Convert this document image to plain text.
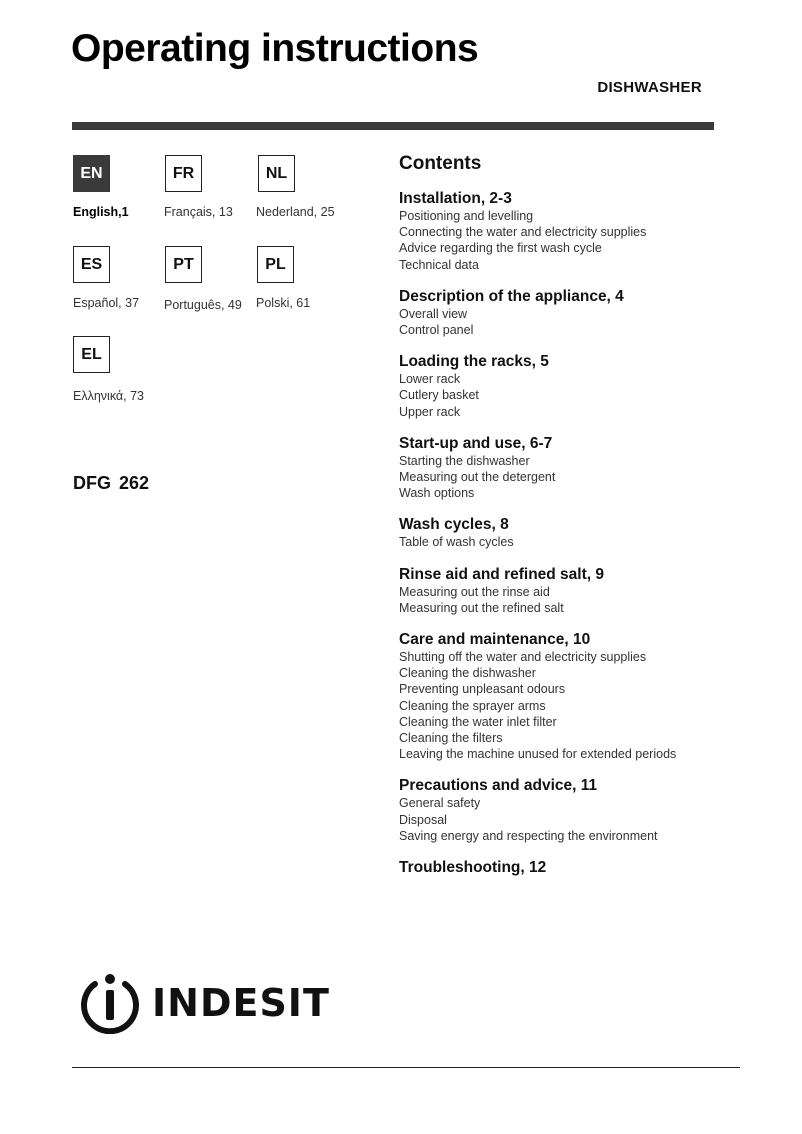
Operating instructions
DISHWASHER
EN	FR	NL
English,1	Français, 13 Nederland, 25
ES	PT	PL
Español, 37 Português, 49 Polski, 61
EL
Ελληνικά, 73
DFG 262
Contents
Installation, 2-3
Positioning and levelling
Connecting the water and electricity supplies
Advice regarding the first wash cycle
Technical data
Description of the appliance, 4
Overall view
Control panel
Loading the racks, 5
Lower rack
Cutlery basket
Upper rack
Start-up and use, 6-7
Starting the dishwasher
Measuring out the detergent
Wash options
Wash cycles, 8
Table of wash cycles
Rinse aid and refined salt, 9
Measuring out the rinse aid
Measuring out the refined salt
Care and maintenance, 10
Shutting off the water and electricity supplies
Cleaning the dishwasher
Preventing unpleasant odours
Cleaning the sprayer arms
Cleaning the water inlet filter
Cleaning the filters
Leaving the machine unused for extended periods
Precautions and advice, 11
General safety
Disposal
Saving energy and respecting the environment
Troubleshooting, 12
INDESIT
